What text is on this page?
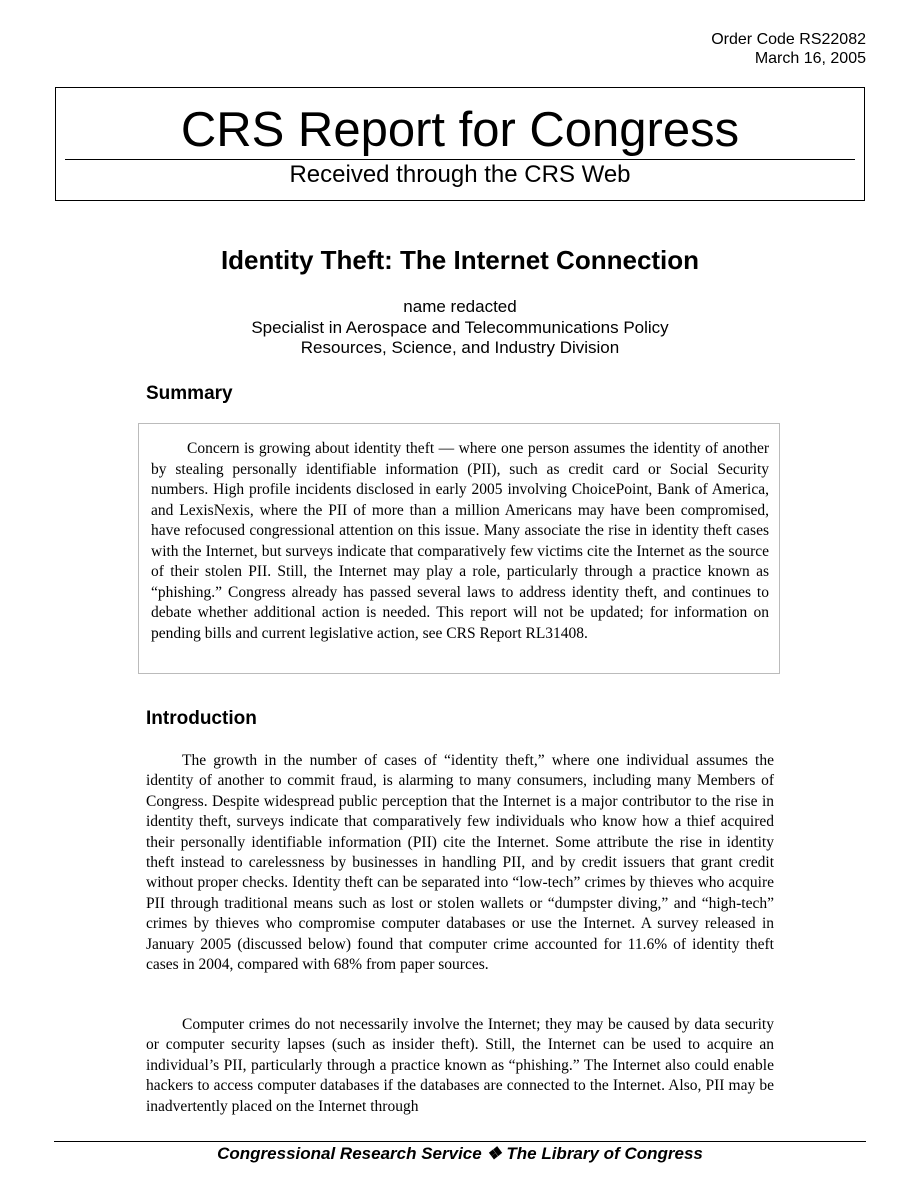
Order Code RS22082
March 16, 2005
CRS Report for Congress
Received through the CRS Web
Identity Theft: The Internet Connection
name redacted
Specialist in Aerospace and Telecommunications Policy
Resources, Science, and Industry Division
Summary

Concern is growing about identity theft — where one person assumes the identity of another by stealing personally identifiable information (PII), such as credit card or Social Security numbers. High profile incidents disclosed in early 2005 involving ChoicePoint, Bank of America, and LexisNexis, where the PII of more than a million Americans may have been compromised, have refocused congressional attention on this issue. Many associate the rise in identity theft cases with the Internet, but surveys indicate that comparatively few victims cite the Internet as the source of their stolen PII. Still, the Internet may play a role, particularly through a practice known as “phishing.” Congress already has passed several laws to address identity theft, and continues to debate whether additional action is needed. This report will not be updated; for information on pending bills and current legislative action, see CRS Report RL31408.

Introduction

The growth in the number of cases of “identity theft,” where one individual assumes the identity of another to commit fraud, is alarming to many consumers, including many Members of Congress. Despite widespread public perception that the Internet is a major contributor to the rise in identity theft, surveys indicate that comparatively few individuals who know how a thief acquired their personally identifiable information (PII) cite the Internet. Some attribute the rise in identity theft instead to carelessness by businesses in handling PII, and by credit issuers that grant credit without proper checks. Identity theft can be separated into “low-tech” crimes by thieves who acquire PII through traditional means such as lost or stolen wallets or “dumpster diving,” and “high-tech” crimes by thieves who compromise computer databases or use the Internet. A survey released in January 2005 (discussed below) found that computer crime accounted for 11.6% of identity theft cases in 2004, compared with 68% from paper sources.

Computer crimes do not necessarily involve the Internet; they may be caused by data security or computer security lapses (such as insider theft). Still, the Internet can be used to acquire an individual’s PII, particularly through a practice known as “phishing.” The Internet also could enable hackers to access computer databases if the databases are connected to the Internet. Also, PII may be inadvertently placed on the Internet through

Congressional Research Service ❖ The Library of Congress
